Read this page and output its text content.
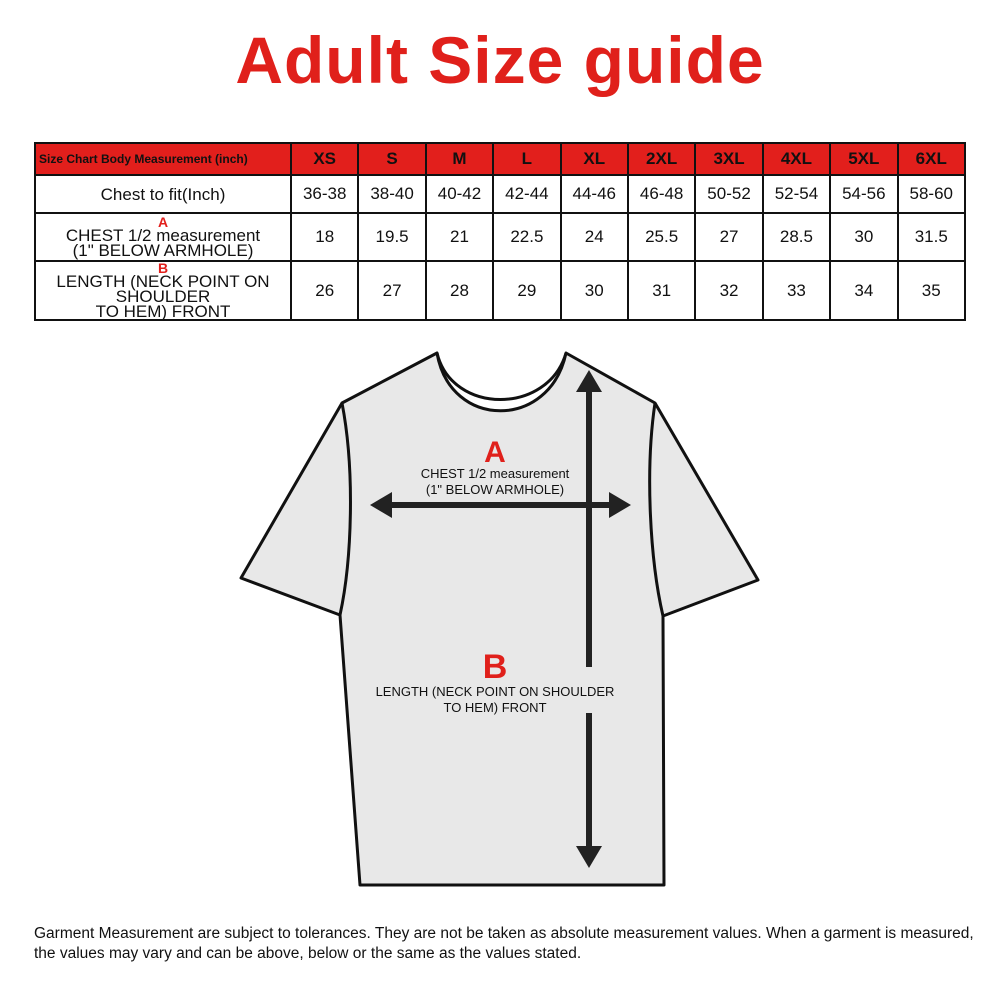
Adult Size guide
Size Chart Body Measurement (inch)	XS	S	M	L	XL	2XL	3XL	4XL	5XL	6XL
Chest to fit(Inch)	36-38	38-40	40-42	42-44	44-46	46-48	50-52	52-54	54-56	58-60

A
CHEST 1/2 measurement
(1" BELOW ARMHOLE)	18	19.5	21	22.5	24	25.5	27	28.5	30	31.5

B
LENGTH (NECK POINT ON SHOULDER
TO HEM) FRONT	26	27	28	29	30	31	32	33	34	35
A
CHEST 1/2 measurement
(1" BELOW ARMHOLE)
B
LENGTH (NECK POINT ON SHOULDER
TO HEM) FRONT
Garment Measurement are subject to tolerances. They are not be taken as absolute measurement values. When a garment is measured, the values may vary and can be above, below or the same as the values stated.
